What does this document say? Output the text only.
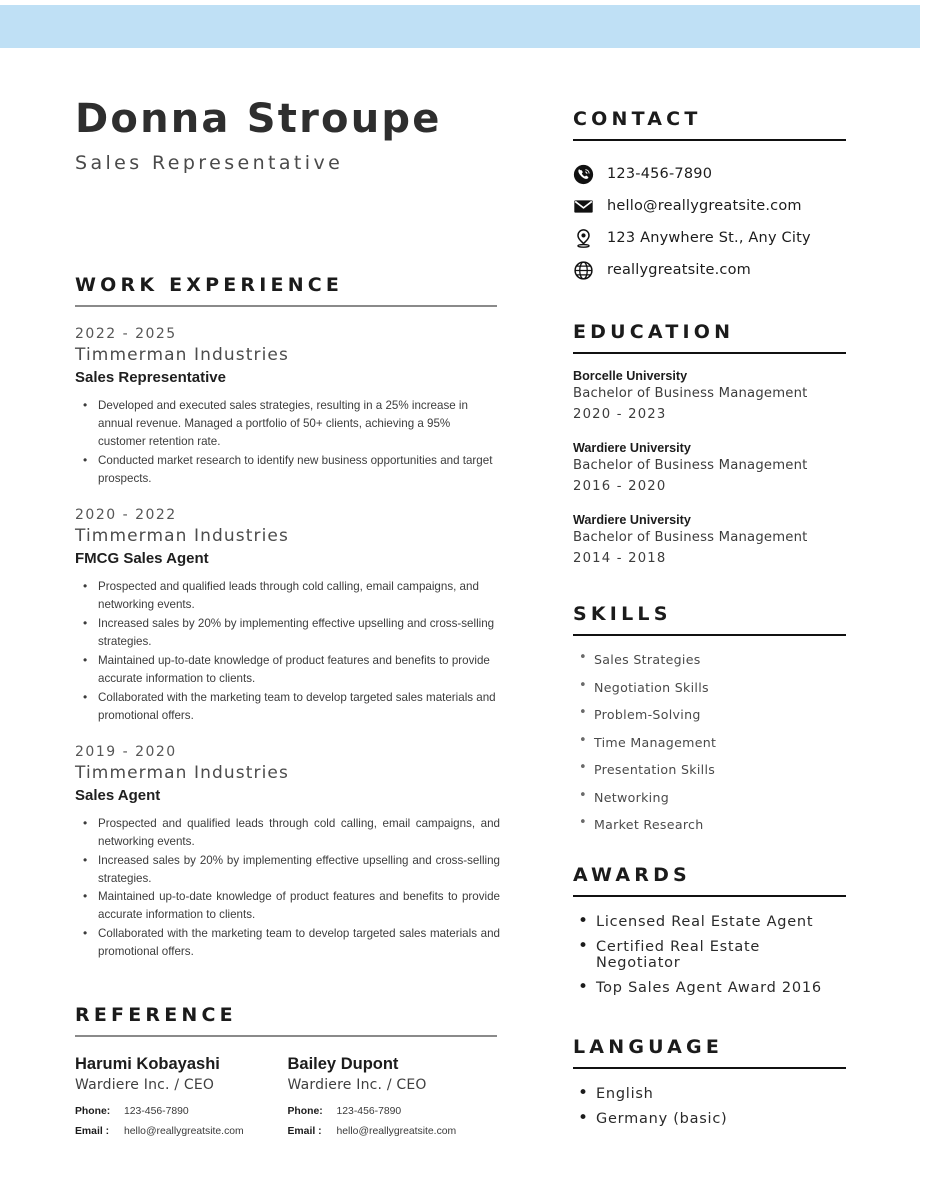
Donna Stroupe
Sales Representative
WORK EXPERIENCE
2022 - 2025
Timmerman Industries
Sales Representative
• Developed and executed sales strategies, resulting in a 25% increase in annual revenue. Managed a portfolio of 50+ clients, achieving a 95% customer retention rate.
• Conducted market research to identify new business opportunities and target prospects.
2020 - 2022
Timmerman Industries
FMCG Sales Agent
• Prospected and qualified leads through cold calling, email campaigns, and networking events.
• Increased sales by 20% by implementing effective upselling and cross-selling strategies.
• Maintained up-to-date knowledge of product features and benefits to provide accurate information to clients.
• Collaborated with the marketing team to develop targeted sales materials and promotional offers.
2019 - 2020
Timmerman Industries
Sales Agent
• Prospected and qualified leads through cold calling, email campaigns, and networking events.
• Increased sales by 20% by implementing effective upselling and cross-selling strategies.
• Maintained up-to-date knowledge of product features and benefits to provide accurate information to clients.
• Collaborated with the marketing team to develop targeted sales materials and promotional offers.
REFERENCE
Harumi Kobayashi
Wardiere Inc. / CEO
Phone:	123-456-7890
Email :	hello@reallygreatsite.com
Bailey Dupont
Wardiere Inc. / CEO
Phone:	123-456-7890
Email :	hello@reallygreatsite.com
CONTACT
123-456-7890
hello@reallygreatsite.com
123 Anywhere St., Any City
reallygreatsite.com
EDUCATION
Borcelle University
Bachelor of Business Management
2020 - 2023
Wardiere University
Bachelor of Business Management
2016 - 2020
Wardiere University
Bachelor of Business Management
2014 - 2018
SKILLS
• Sales Strategies
• Negotiation Skills
• Problem-Solving
• Time Management
• Presentation Skills
• Networking
• Market Research
AWARDS
• Licensed Real Estate Agent
• Certified Real Estate Negotiator
• Top Sales Agent Award 2016
LANGUAGE
• English
• Germany (basic)
